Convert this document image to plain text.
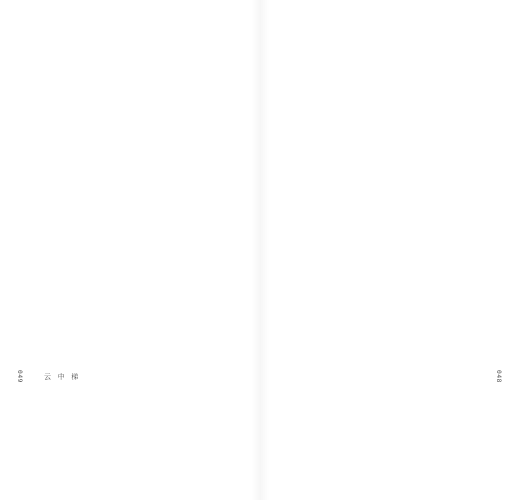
049	云 中 梯	048
